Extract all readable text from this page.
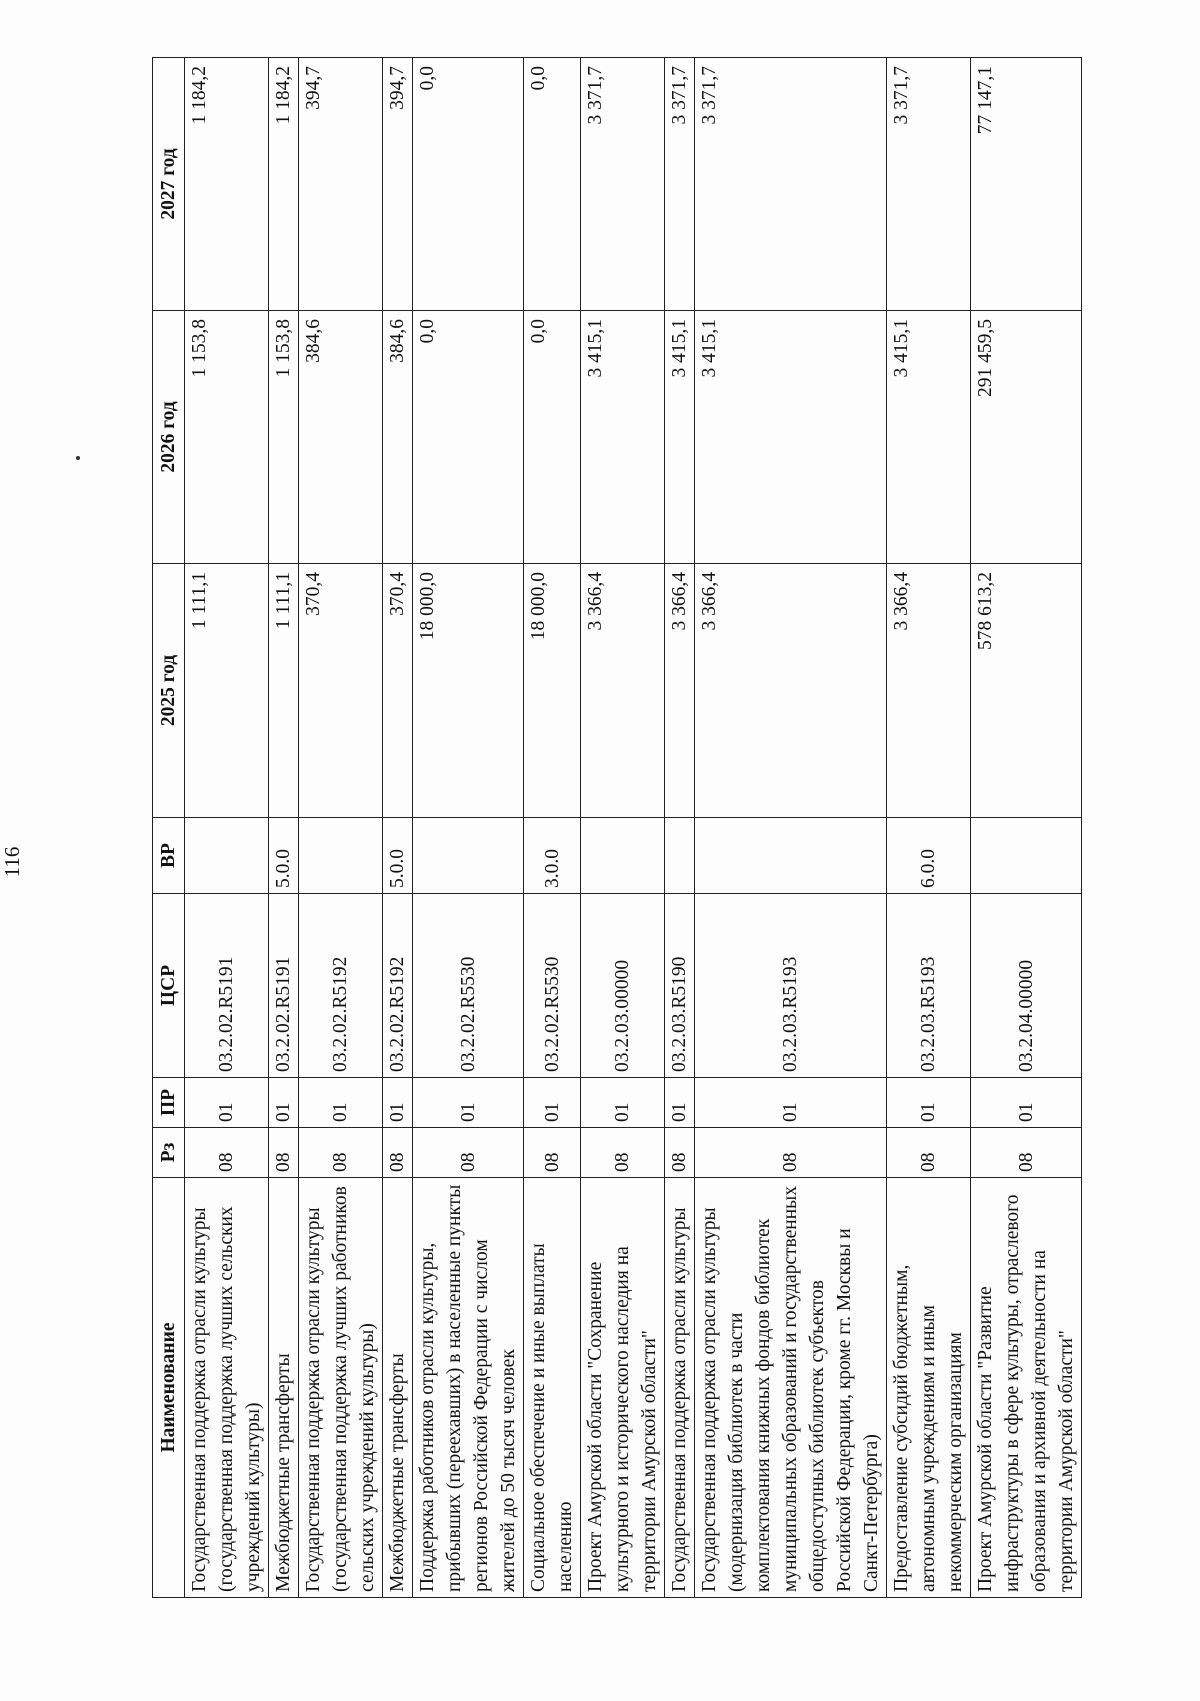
116
Наименование	Рз	ПР	ЦСР	ВР	2025 год	2026 год	2027 год
Государственная поддержка отрасли культуры (государственная поддержка лучших сельских учреждений культуры)	08	01	03.2.02.R5191		1 111,1	1 153,8	1 184,2
Межбюджетные трансферты	08	01	03.2.02.R5191	5.0.0	1 111,1	1 153,8	1 184,2
Государственная поддержка отрасли культуры (государственная поддержка лучших работников сельских учреждений культуры)	08	01	03.2.02.R5192		370,4	384,6	394,7
Межбюджетные трансферты	08	01	03.2.02.R5192	5.0.0	370,4	384,6	394,7
Поддержка работников отрасли культуры, прибывших (переехавших) в населенные пункты регионов Российской Федерации с числом жителей до 50 тысяч человек	08	01	03.2.02.R5530		18 000,0	0,0	0,0
Социальное обеспечение и иные выплаты населению	08	01	03.2.02.R5530	3.0.0	18 000,0	0,0	0,0
Проект Амурской области "Сохранение культурного и исторического наследия на территории Амурской области"	08	01	03.2.03.00000		3 366,4	3 415,1	3 371,7
Государственная поддержка отрасли культуры	08	01	03.2.03.R5190		3 366,4	3 415,1	3 371,7
Государственная поддержка отрасли культуры (модернизация библиотек в части комплектования книжных фондов библиотек муниципальных образований и государственных общедоступных библиотек субъектов Российской Федерации, кроме гг. Москвы и Санкт-Петербурга)	08	01	03.2.03.R5193		3 366,4	3 415,1	3 371,7
Предоставление субсидий бюджетным, автономным учреждениям и иным некоммерческим организациям	08	01	03.2.03.R5193	6.0.0	3 366,4	3 415,1	3 371,7
Проект Амурской области "Развитие инфраструктуры в сфере культуры, отраслевого образования и архивной деятельности на территории Амурской области"	08	01	03.2.04.00000		578 613,2	291 459,5	77 147,1
